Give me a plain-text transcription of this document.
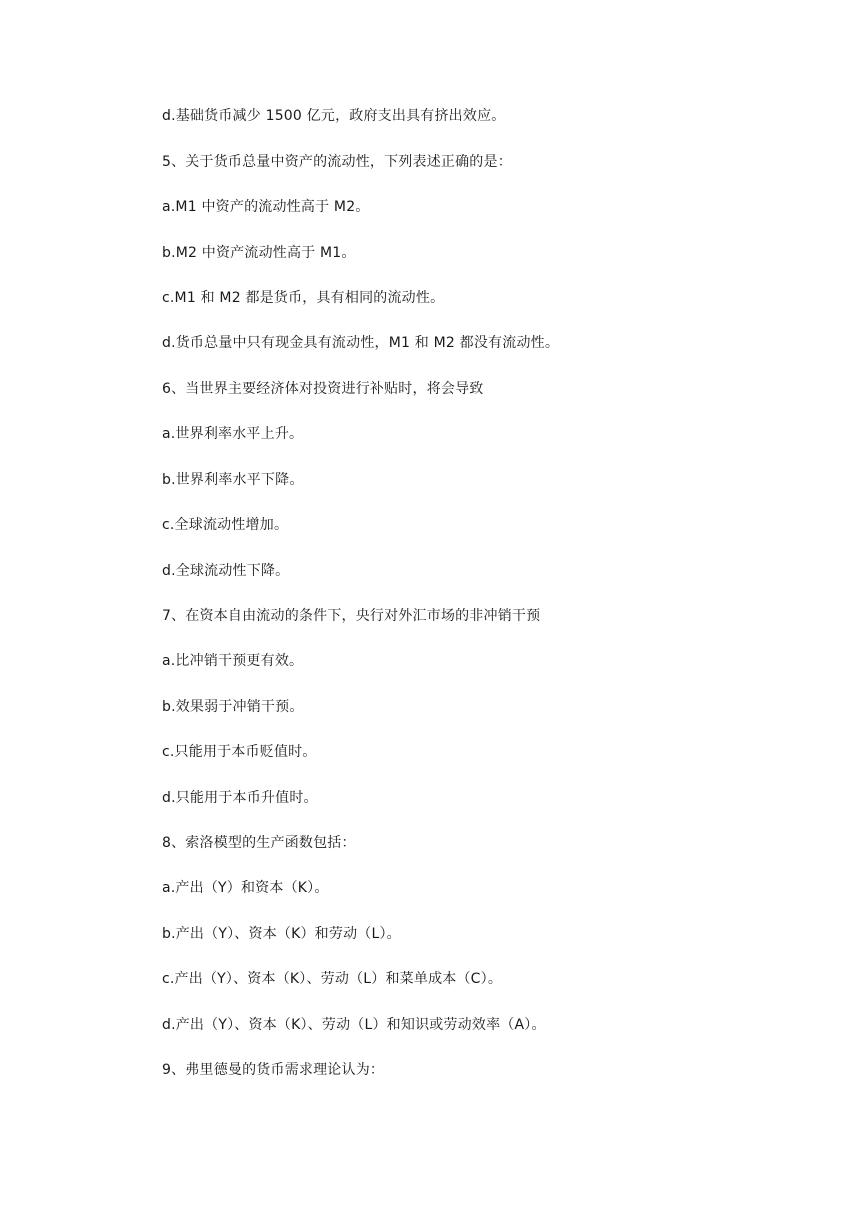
d.基础货币减少 1500 亿元，政府支出具有挤出效应。
5、关于货币总量中资产的流动性，下列表述正确的是：
a.M1 中资产的流动性高于 M2。
b.M2 中资产流动性高于 M1。
c.M1 和 M2 都是货币，具有相同的流动性。
d.货币总量中只有现金具有流动性，M1 和 M2 都没有流动性。
6、当世界主要经济体对投资进行补贴时，将会导致
a.世界利率水平上升。
b.世界利率水平下降。
c.全球流动性增加。
d.全球流动性下降。
7、在资本自由流动的条件下，央行对外汇市场的非冲销干预
a.比冲销干预更有效。
b.效果弱于冲销干预。
c.只能用于本币贬值时。
d.只能用于本币升值时。
8、索洛模型的生产函数包括：
a.产出（Y）和资本（K）。
b.产出（Y）、资本（K）和劳动（L）。
c.产出（Y）、资本（K）、劳动（L）和菜单成本（C）。
d.产出（Y）、资本（K）、劳动（L）和知识或劳动效率（A）。
9、弗里德曼的货币需求理论认为：
